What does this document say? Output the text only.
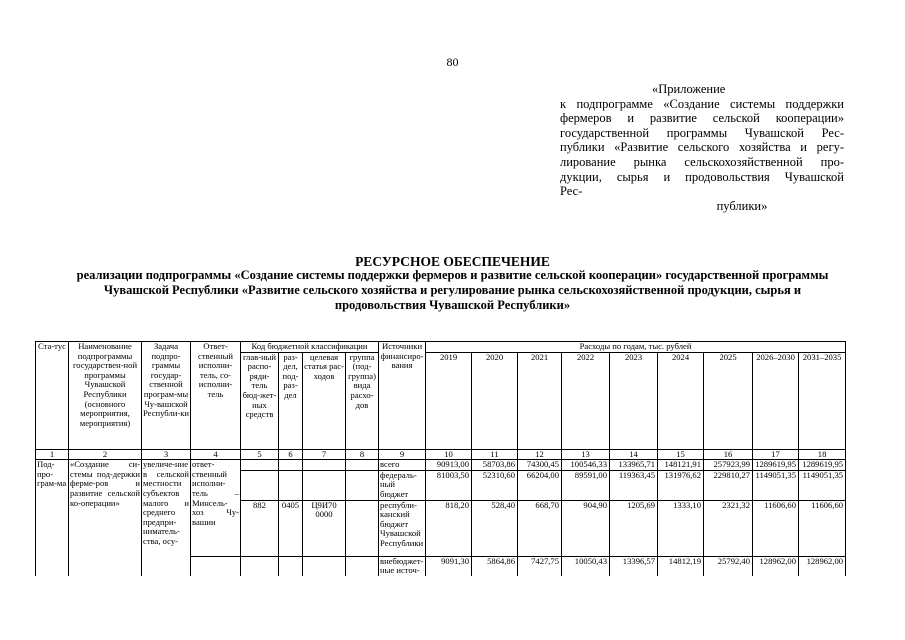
80
«Приложение
к подпрограмме «Создание системы поддержки
фермеров и развитие сельской кооперации»
государственной программы Чувашской Рес-
публики «Развитие сельского хозяйства и регу-
лирование рынка сельскохозяйственной про-
дукции, сырья и продовольствия Чувашской
Рес-
публики»
РЕСУРСНОЕ ОБЕСПЕЧЕНИЕ
реализации подпрограммы «Создание системы поддержки фермеров и развитие сельской кооперации» государственной программы Чувашской Республики «Развитие сельского хозяйства и регулирование рынка сельскохозяйственной продукции, сырья и продовольствия Чувашской Республики»
Ста-тус	Наименование подпрограммы государствен-ной программы Чувашской Республики (основного мероприятия, мероприятия)	Задача подпро-граммы государ-ственной програм-мы Чу-вашской Республи-ки	Ответ-ственный исполни-тель, со-исполни-тель	Код бюджетной классификации				Источники финансиро-вания	Расходы по годам, тыс. рублей									
				глав-ный распо-ряди-тель бюд-жет-ных средств	раз-дел, под-раз-дел	целевая статья рас-ходов	группа (под-группа) вида расхо-дов		2019	2020	2021	2022	2023	2024	2025	2026–2030	2031–2035	
1	2	3	4	5	6	7	8	9	10	11	12	13	14	15	16	17	18	
Под-про-грам-ма	«Создание си-стемы под-держки ферме-ров и развитие сельской ко-операции»	увеличе-ние в сельской местности субъектов малого и среднего предпри-ниматель-ства, осу-	ответ-ственный исполни-тель – Минсель-хоз Чу-вашии					всего	90913,00	58703,86	74300,45	100546,33	133965,71	148121,91	257923,99	1289619,95	1289619,95	
								федераль-ный бюджет	81003,50	52310,60	66204,00	89591,00	119363,45	131976,62	229810,27	1149051,35	1149051,35	
				882	0405	Ц9И70 0000		республи-канский бюджет Чувашской Республики	818,20	528,40	668,70	904,90	1205,69	1333,10	2321,32	11606,60	11606,60	
								внебюджет-ные источ-	9091,30	5864,86	7427,75	10050,43	13396,57	14812,19	25792,40	128962,00	128962,00	
